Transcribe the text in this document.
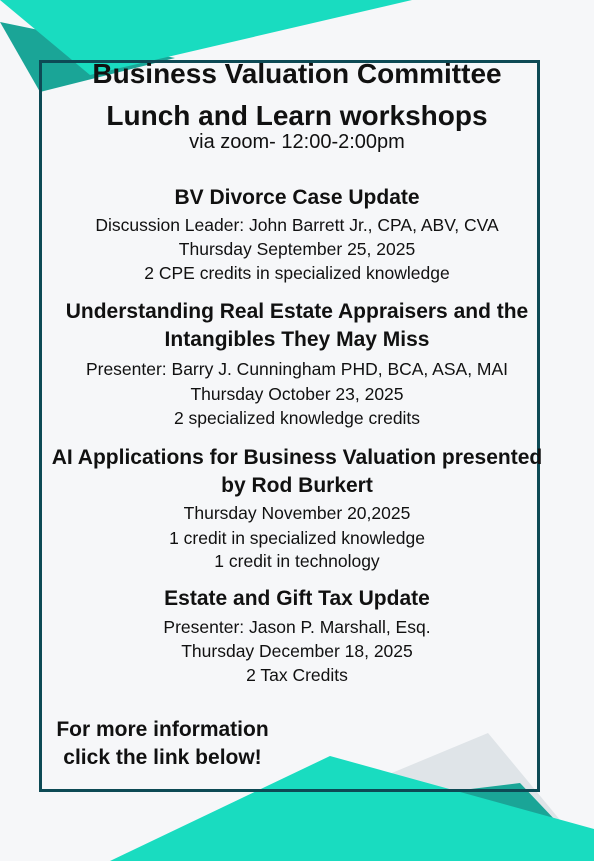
Business Valuation Committee
Lunch and Learn workshops
via zoom- 12:00-2:00pm
BV Divorce Case Update
Discussion Leader: John Barrett Jr., CPA, ABV, CVA
Thursday September 25, 2025
2 CPE credits in specialized knowledge
Understanding Real Estate Appraisers and the
Intangibles They May Miss
Presenter: Barry J. Cunningham PHD, BCA, ASA, MAI
Thursday October 23, 2025
2 specialized knowledge credits
AI Applications for Business Valuation presented
by Rod Burkert
Thursday November 20,2025
1 credit in specialized knowledge
1 credit in technology
Estate and Gift Tax Update
Presenter: Jason P. Marshall, Esq.
Thursday December 18, 2025
2 Tax Credits
For more information
click the link below!
